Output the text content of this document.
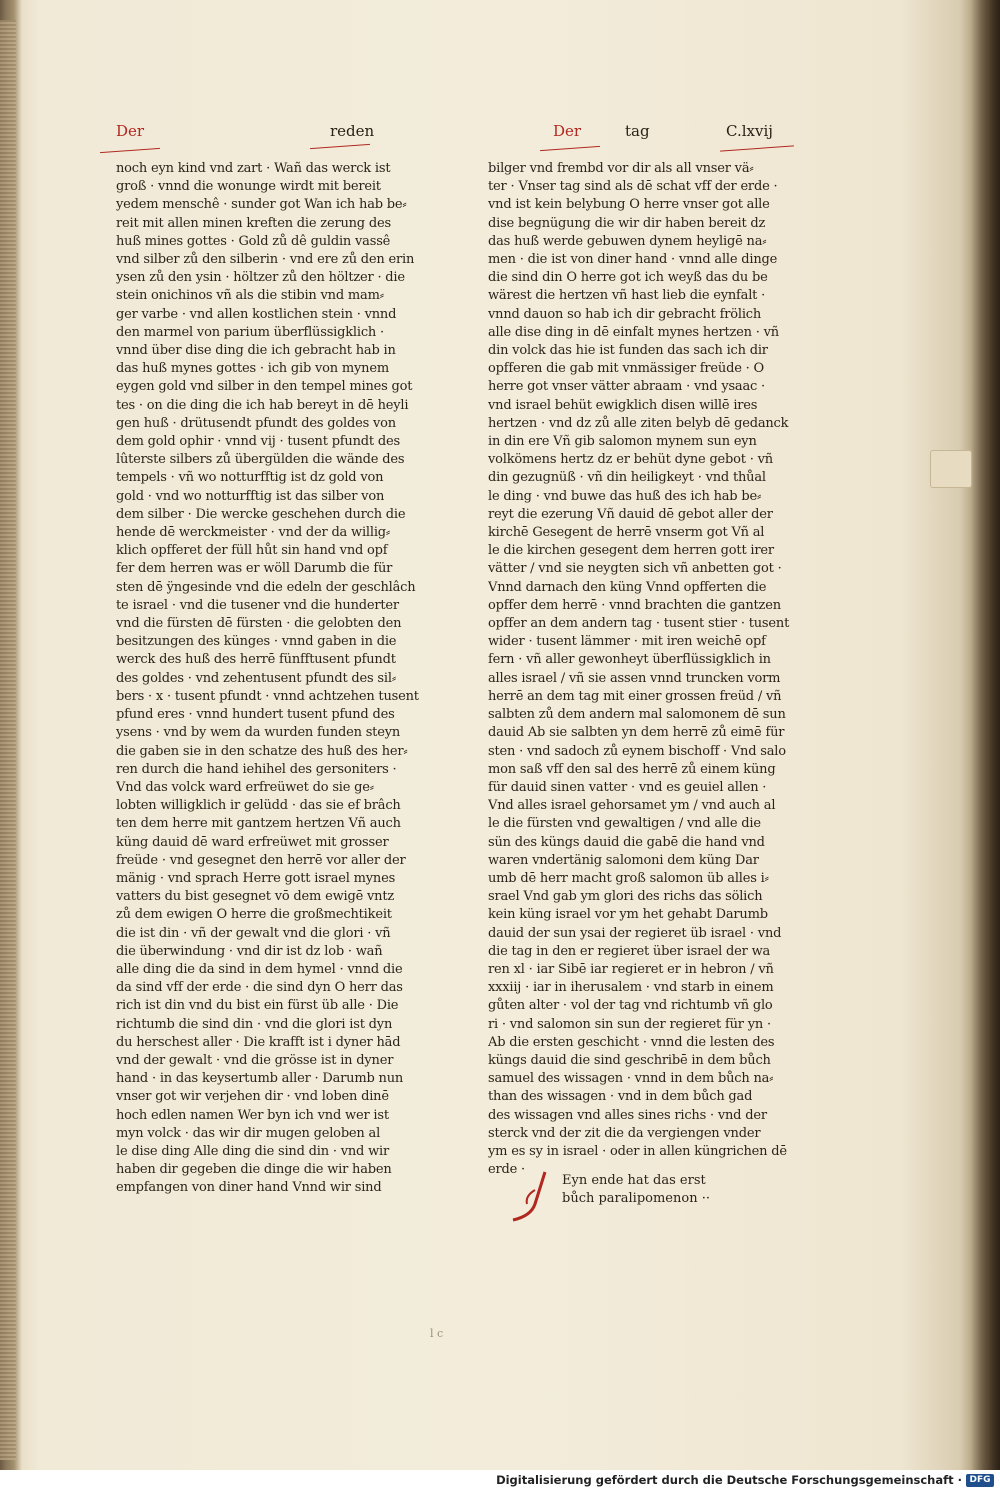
Der	reden	Der	tag	C.lxvij
noch eyn kind vnd zart · Wañ das werck ist
groß · vnnd die wonunge wirdt mit bereit
yedem menschê · sunder got Wan ich hab be⸗
reit mit allen minen kreften die zerung des
huß mines gottes · Gold zů dê guldin vassê
vnd silber zů den silberin · vnd ere zů den erin
ysen zů den ysin · höltzer zů den höltzer · die
stein onichinos vñ als die stibin vnd mam⸗
ger varbe · vnd allen kostlichen stein · vnnd
den marmel von parium überflüssigklich ·
vnnd über dise ding die ich gebracht hab in
das huß mynes gottes · ich gib von mynem
eygen gold vnd silber in den tempel mines got
tes · on die ding die ich hab bereyt in dē heyli
gen huß · drütusendt pfundt des goldes von
dem gold ophir · vnnd vij · tusent pfundt des
lûterste silbers zů übergülden die wände des
tempels · vñ wo notturfftig ist dz gold von
gold · vnd wo notturfftig ist das silber von
dem silber · Die wercke geschehen durch die
hende dē werckmeister · vnd der da willig⸗
klich opfferet der füll hůt sin hand vnd opf
fer dem herren was er wöll Darumb die für
sten dē ÿngesinde vnd die edeln der geschlâch
te israel · vnd die tusener vnd die hunderter
vnd die fürsten dē fürsten · die gelobten den
besitzungen des künges · vnnd gaben in die
werck des huß des herrē fünfftusent pfundt
des goldes · vnd zehentusent pfundt des sil⸗
bers · x · tusent pfundt · vnnd achtzehen tusent
pfund eres · vnnd hundert tusent pfund des
ysens · vnd by wem da wurden funden steyn
die gaben sie in den schatze des huß des her⸗
ren durch die hand iehihel des gersoniters ·
Vnd das volck ward erfreüwet do sie ge⸗
lobten willigklich ir gelüdd · das sie ef brâch
ten dem herre mit gantzem hertzen Vñ auch
küng dauid dē ward erfreüwet mit grosser
freüde · vnd gesegnet den herrē vor aller der
mänig · vnd sprach Herre gott israel mynes
vatters du bist gesegnet vō dem ewigē vntz
zů dem ewigen O herre die großmechtikeit
die ist din · vñ der gewalt vnd die glori · vñ
die überwindung · vnd dir ist dz lob · wañ
alle ding die da sind in dem hymel · vnnd die
da sind vff der erde · die sind dyn O herr das
rich ist din vnd du bist ein fürst üb alle · Die
richtumb die sind din · vnd die glori ist dyn
du herschest aller · Die krafft ist i dyner hād
vnd der gewalt · vnd die grösse ist in dyner
hand · in das keysertumb aller · Darumb nun
vnser got wir verjehen dir · vnd loben dinē
hoch edlen namen Wer byn ich vnd wer ist
myn volck · das wir dir mugen geloben al
le dise ding Alle ding die sind din · vnd wir
haben dir gegeben die dinge die wir haben
empfangen von diner hand Vnnd wir sind
bilger vnd frembd vor dir als all vnser vä⸗
ter · Vnser tag sind als dē schat vff der erde ·
vnd ist kein belybung O herre vnser got alle
dise begnügung die wir dir haben bereit dz
das huß werde gebuwen dynem heyligē na⸗
men · die ist von diner hand · vnnd alle dinge
die sind din O herre got ich weyß das du be
wärest die hertzen vñ hast lieb die eynfalt ·
vnnd dauon so hab ich dir gebracht frölich
alle dise ding in dē einfalt mynes hertzen · vñ
din volck das hie ist funden das sach ich dir
opfferen die gab mit vnmässiger freüde · O
herre got vnser vätter abraam · vnd ysaac ·
vnd israel behüt ewigklich disen willē ires
hertzen · vnd dz zů alle ziten belyb dē gedanck
in din ere Vñ gib salomon mynem sun eyn
volkömens hertz dz er behüt dyne gebot · vñ
din gezugnüß · vñ din heiligkeyt · vnd thůal
le ding · vnd buwe das huß des ich hab be⸗
reyt die ezerung Vñ dauid dē gebot aller der
kirchē Gesegent de herrē vnserm got Vñ al
le die kirchen gesegent dem herren gott irer
vätter / vnd sie neygten sich vñ anbetten got ·
Vnnd darnach den küng Vnnd opfferten die
opffer dem herrē · vnnd brachten die gantzen
opffer an dem andern tag · tusent stier · tusent
wider · tusent lämmer · mit iren weichē opf
fern · vñ aller gewonheyt überflüssigklich in
alles israel / vñ sie assen vnnd truncken vorm
herrē an dem tag mit einer grossen freüd / vñ
salbten zů dem andern mal salomonem dē sun
dauid Ab sie salbten yn dem herrē zů eimē für
sten · vnd sadoch zů eynem bischoff · Vnd salo
mon saß vff den sal des herrē zů einem küng
für dauid sinen vatter · vnd es geuiel allen ·
Vnd alles israel gehorsamet ym / vnd auch al
le die fürsten vnd gewaltigen / vnd alle die
sün des küngs dauid die gabē die hand vnd
waren vndertänig salomoni dem küng Dar
umb dē herr macht groß salomon üb alles i⸗
srael Vnd gab ym glori des richs das sölich
kein küng israel vor ym het gehabt Darumb
dauid der sun ysai der regieret üb israel · vnd
die tag in den er regieret über israel der wa
ren xl · iar Sibē iar regieret er in hebron / vñ
xxxiij · iar in iherusalem · vnd starb in einem
gůten alter · vol der tag vnd richtumb vñ glo
ri · vnd salomon sin sun der regieret für yn ·
Ab die ersten geschicht · vnnd die lesten des
küngs dauid die sind geschribē in dem bůch
samuel des wissagen · vnnd in dem bůch na⸗
than des wissagen · vnd in dem bůch gad
des wissagen vnd alles sines richs · vnd der
sterck vnd der zit die da vergiengen vnder
ym es sy in israel · oder in allen küngrichen dē
erde ·
Eyn ende hat das erst
bůch paralipomenon ··
l c
Digitalisierung gefördert durch die Deutsche Forschungsgemeinschaft · DFG
